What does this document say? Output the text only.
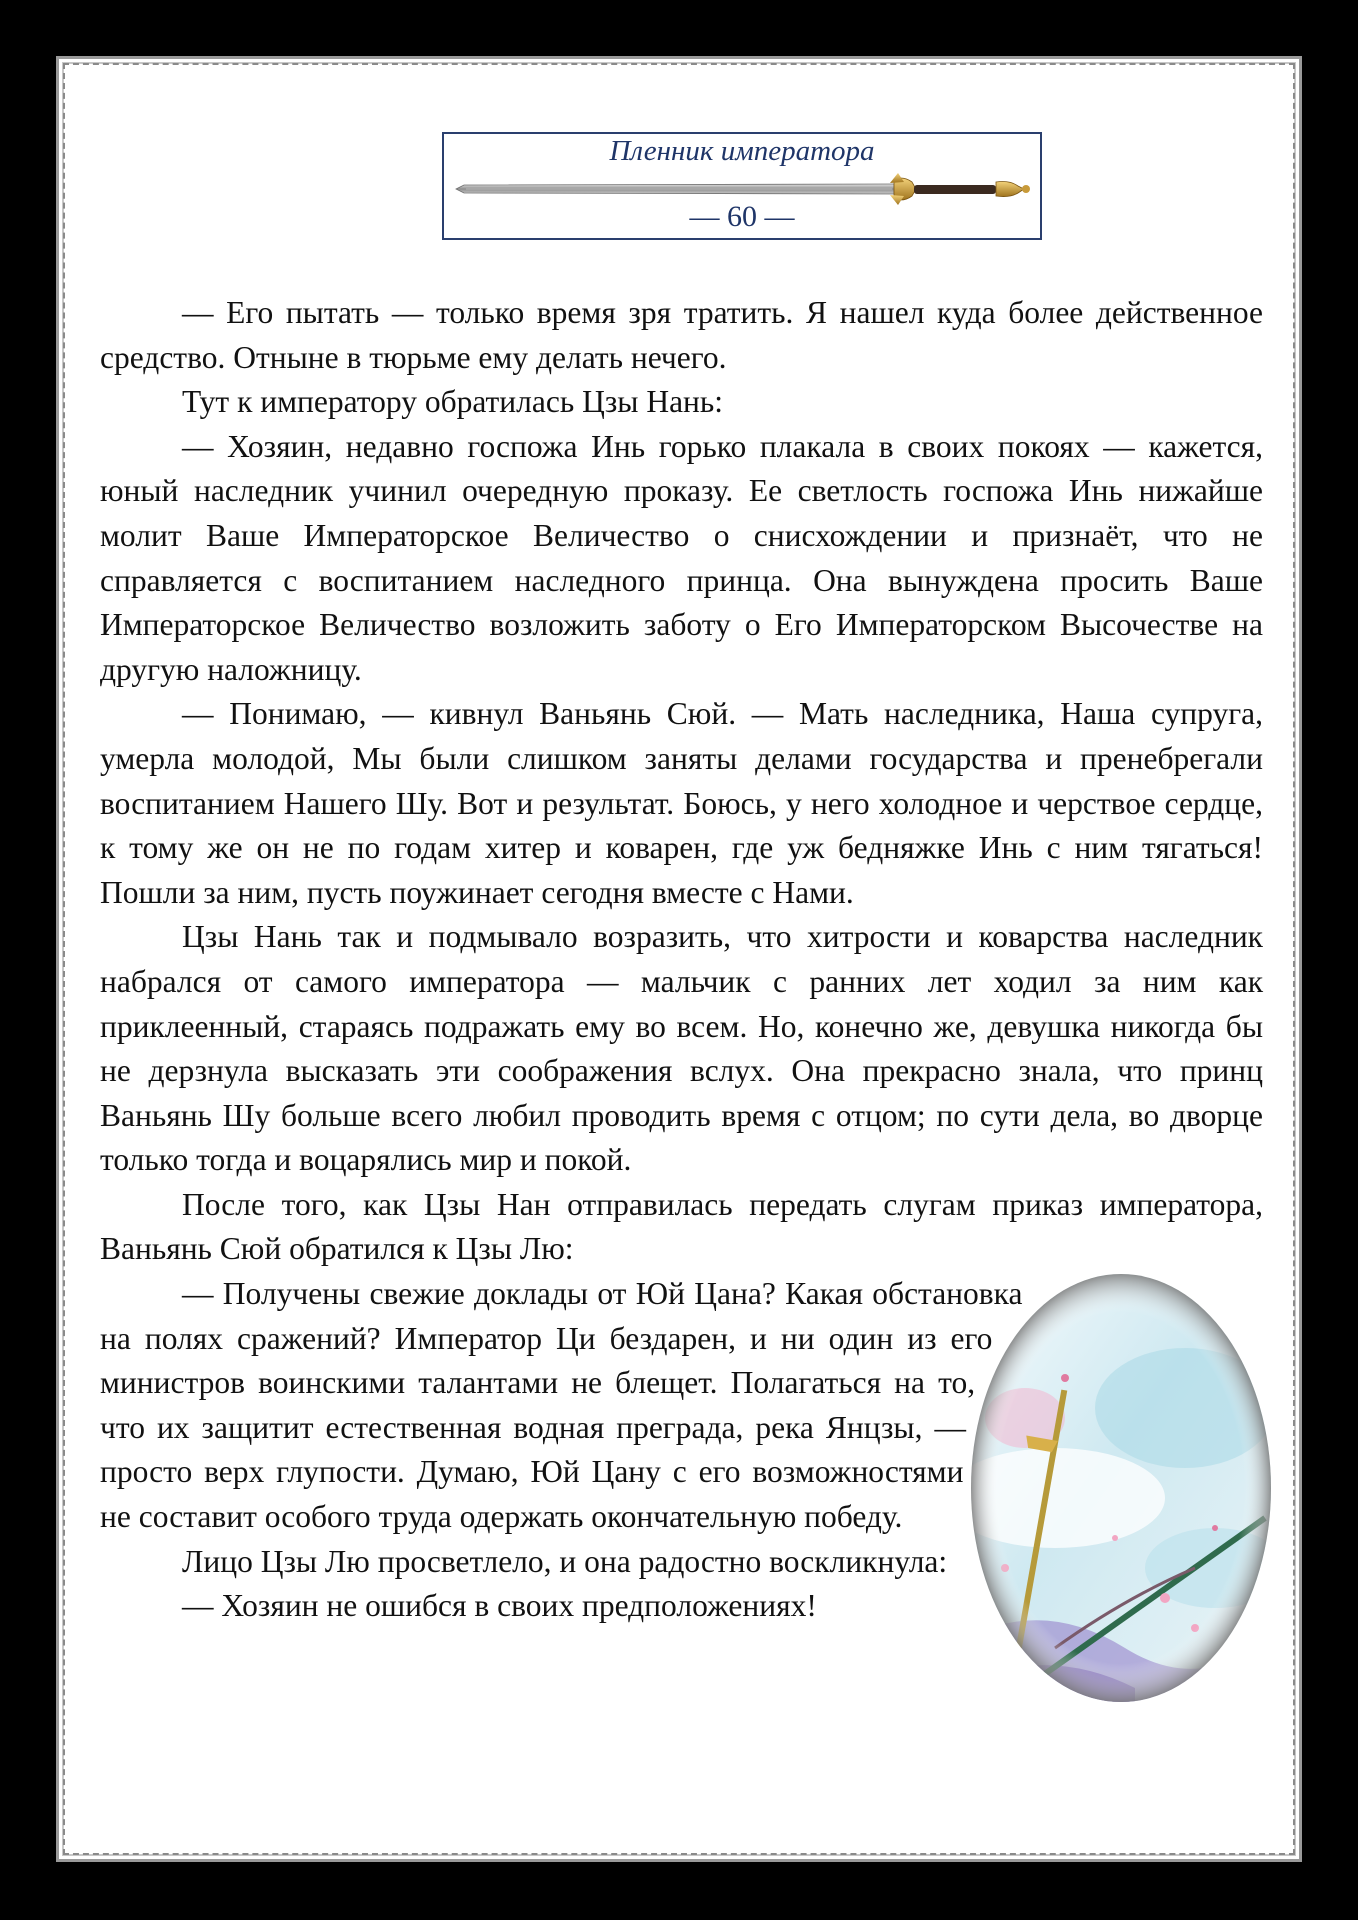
Пленник императора
— 60 —

— Его пытать — только время зря тратить. Я нашел куда более действенное средство. Отныне в тюрьме ему делать нечего.

Тут к императору обратилась Цзы Нань:

— Хозяин, недавно госпожа Инь горько плакала в своих покоях — кажется, юный наследник учинил очередную проказу. Ее светлость госпожа Инь нижайше молит Ваше Императорское Величество о снисхождении и признаёт, что не справляется с воспитанием наследного принца. Она вынуждена просить Ваше Императорское Величество возложить заботу о Его Императорском Высочестве на другую наложницу.

— Понимаю, — кивнул Ваньянь Сюй. — Мать наследника, Наша супруга, умерла молодой, Мы были слишком заняты делами государства и пренебрегали воспитанием Нашего Шу. Вот и результат. Боюсь, у него холодное и черствое сердце, к тому же он не по годам хитер и коварен, где уж бедняжке Инь с ним тягаться! Пошли за ним, пусть поужинает сегодня вместе с Нами.

Цзы Нань так и подмывало возразить, что хитрости и коварства наследник набрался от самого императора — мальчик с ранних лет ходил за ним как приклеенный, стараясь подражать ему во всем. Но, конечно же, девушка никогда бы не дерзнула высказать эти соображения вслух. Она прекрасно знала, что принц Ваньянь Шу больше всего любил проводить время с отцом; по сути дела, во дворце только тогда и воцарялись мир и покой.

После того, как Цзы Нан отправилась передать слугам приказ императора, Ваньянь Сюй обратился к Цзы Лю:

— Получены свежие доклады от Юй Цана? Какая обстановка на полях сражений? Император Ци бездарен, и ни один из его министров воинскими талантами не блещет. Полагаться на то, что их защитит естественная водная преграда, река Янцзы, — просто верх глупости. Думаю, Юй Цану с его возможностями не составит особого труда одержать окончательную победу.

Лицо Цзы Лю просветлело, и она радостно воскликнула:

— Хозяин не ошибся в своих предположениях!
